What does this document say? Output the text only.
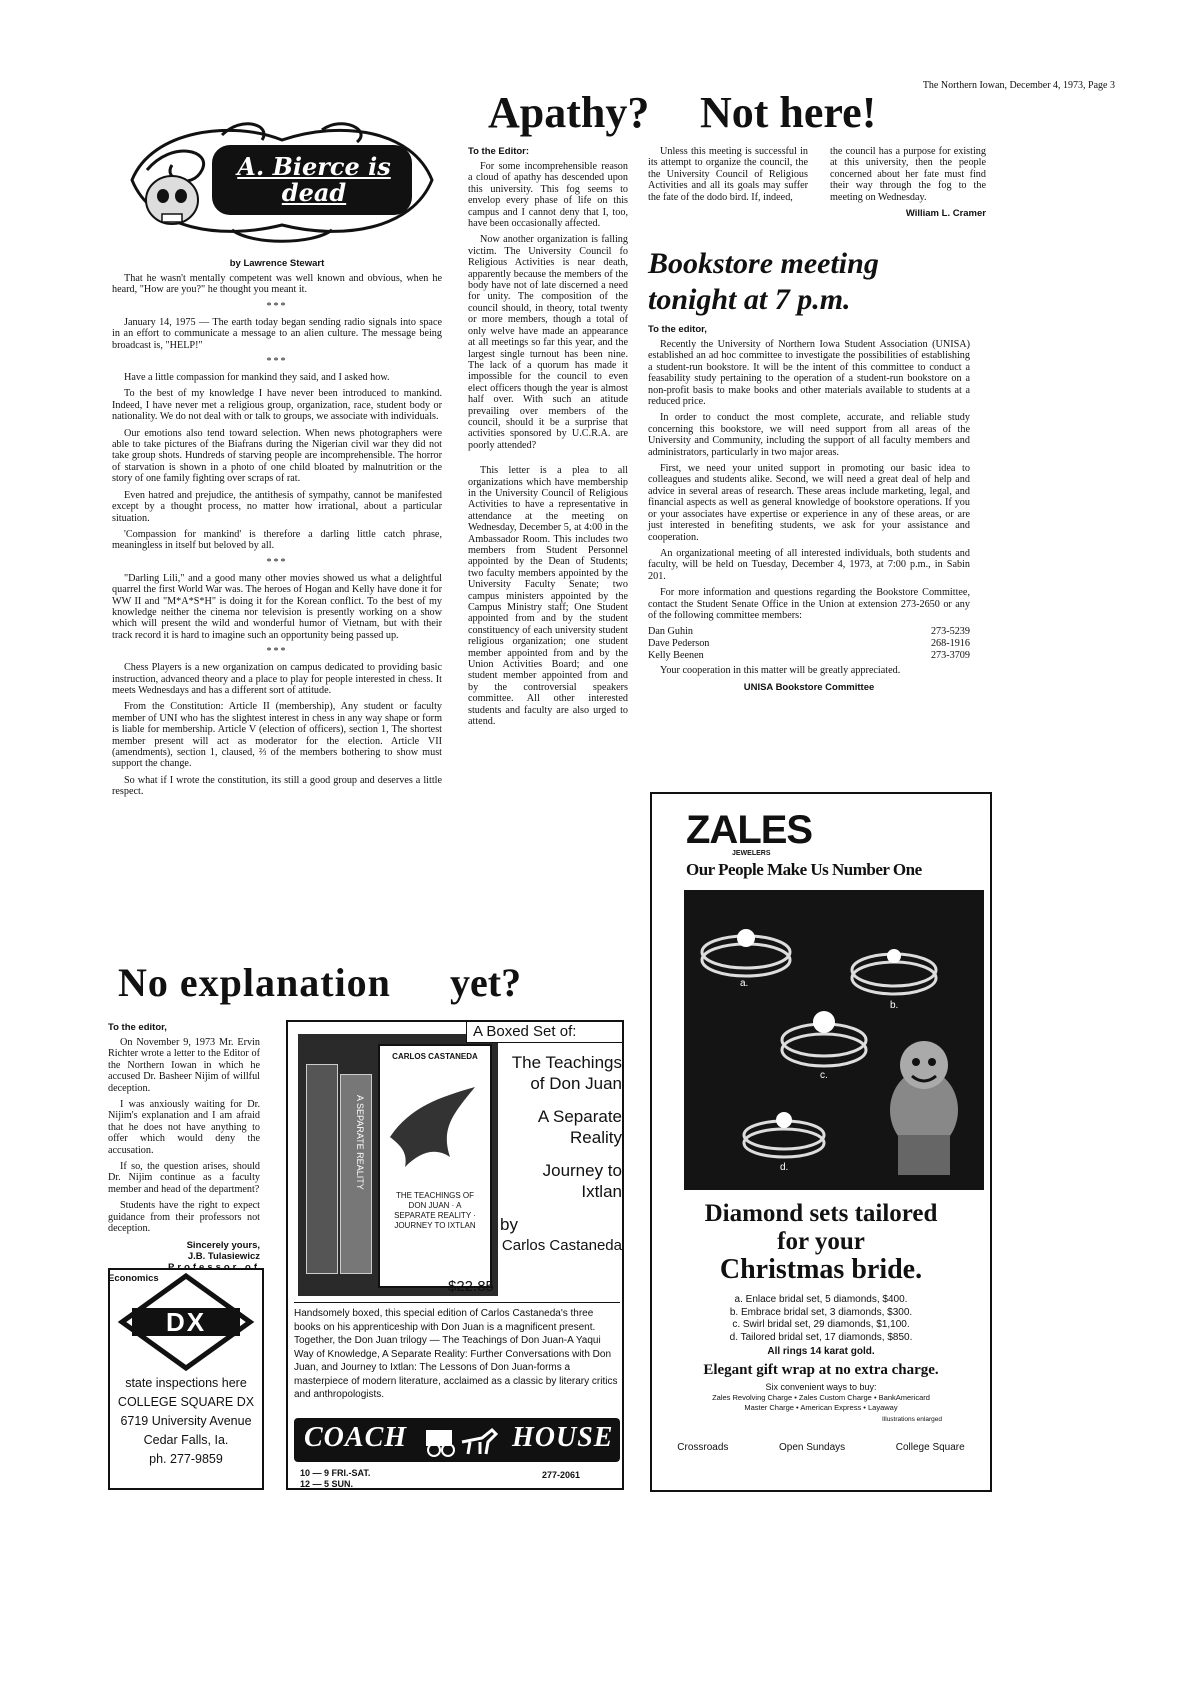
The Northern Iowan, December 4, 1973, Page 3
A. Bierce is dead
by Lawrence Stewart

That he wasn't mentally competent was well known and obvious, when he heard, "How are you?" he thought you meant it.

***

January 14, 1975 — The earth today began sending radio signals into space in an effort to communicate a message to an alien culture. The message being broadcast is, "HELP!"

***

Have a little compassion for mankind they said, and I asked how.

To the best of my knowledge I have never been introduced to mankind. Indeed, I have never met a religious group, organization, race, student body or nationality. We do not deal with or talk to groups, we associate with individuals.

Our emotions also tend toward selection. When news photographers were able to take pictures of the Biafrans during the Nigerian civil war they did not take group shots. Hundreds of starving people are incomprehensible. The horror of starvation is shown in a photo of one child bloated by malnutrition or the story of one family fighting over scraps of rat.

Even hatred and prejudice, the antithesis of sympathy, cannot be manifested except by a thought process, no matter how irrational, about a particular situation.

'Compassion for mankind' is therefore a darling little catch phrase, meaningless in itself but beloved by all.

***

"Darling Lili," and a good many other movies showed us what a delightful quarrel the first World War was. The heroes of Hogan and Kelly have done it for WW II and "M*A*S*H" is doing it for the Korean conflict. To the best of my knowledge neither the cinema nor television is presently working on a show which will present the wild and wonderful humor of Vietnam, but with their track record it is hard to imagine such an opportunity being passed up.

***

Chess Players is a new organization on campus dedicated to providing basic instruction, advanced theory and a place to play for people interested in chess. It meets Wednesdays and has a different sort of attitude.

From the Constitution: Article II (membership), Any student or faculty member of UNI who has the slightest interest in chess in any way shape or form is liable for membership. Article V (election of officers), section 1, The shortest member present will act as moderator for the election. Article VII (amendments), section 1, claused, ⅔ of the members bothering to show must support the change.

So what if I wrote the constitution, its still a good group and deserves a little respect.

Apathy? Not here!
To the Editor:

For some incomprehensible reason a cloud of apathy has descended upon this university. This fog seems to envelop every phase of life on this campus and I cannot deny that I, too, have been occasionally affected.

Now another organization is falling victim. The University Council fo Religious Activities is near death, apparently because the members of the body have not of late discerned a need for unity. The composition of the council should, in theory, total twenty or more members, though a total of only welve have made an appearance at all meetings so far this year, and the largest single turnout has been nine. The lack of a quorum has made it impossible for the council to even elect officers though the year is almost half over. With such an atitude prevailing over members of the council, should it be a surprise that activities sponsored by U.C.R.A. are poorly attended?

This letter is a plea to all organizations which have membership in the University Council of Religious Activities to have a representative in attendance at the meeting on Wednesday, December 5, at 4:00 in the Ambassador Room. This includes two members from Student Personnel appointed by the Dean of Students; two faculty members appointed by the University Faculty Senate; two campus ministers appointed by the Campus Ministry staff; One Student appointed from and by the student constituency of each university student religious organization; one student member appointed from and by the Union Activities Board; and one student member appointed from and by the controversial speakers committee. All other interested students and faculty are also urged to attend.

Unless this meeting is successful in its attempt to organize the council, the the University Council of Religious Activities and all its goals may suffer the fate of the dodo bird. If, indeed,

the council has a purpose for existing at this university, then the people concerned about her fate must find their way through the fog to the meeting on Wednesday.

William L. Cramer
Bookstore meeting
tonight at 7 p.m.
To the editor,

Recently the University of Northern Iowa Student Association (UNISA) established an ad hoc committee to investigate the possibilities of establishing a student-run bookstore. It will be the intent of this committee to conduct a feasability study pertaining to the operation of a student-run bookstore on a non-profit basis to make books and other materials available to students at a reduced price.

In order to conduct the most complete, accurate, and reliable study concerning this bookstore, we will need support from all areas of the University and Community, including the support of all faculty members and administrators, particularly in two major areas.

First, we need your united support in promoting our basic idea to colleagues and students alike. Second, we will need a great deal of help and advice in several areas of research. These areas include marketing, legal, and financial aspects as well as general knowledge of bookstore operations. If you or your associates have expertise or experience in any of these areas, or are just interested in benefiting students, we ask for your assistance and cooperation.

An organizational meeting of all interested individuals, both students and faculty, will be held on Tuesday, December 4, 1973, at 7:00 p.m., in Sabin 201.

For more information and questions regarding the Bookstore Committee, contact the Student Senate Office in the Union at extension 273-2650 or any of the following committee members:

Dan Guhin	273-5239
Dave Pederson	268-1916
Kelly Beenen	273-3709

Your cooperation in this matter will be greatly appreciated.

UNISA Bookstore Committee
No explanation yet?
To the editor,

On November 9, 1973 Mr. Ervin Richter wrote a letter to the Editor of the Northern Iowan in which he accused Dr. Basheer Nijim of willful deception.

I was anxiously waiting for Dr. Nijim's explanation and I am afraid that he does not have anything to offer which would deny the accusation.

If so, the question arises, should Dr. Nijim continue as a faculty member and head of the department?

Students have the right to expect guidance from their professors not deception.

Sincerely yours,
J.B. Tulasiewicz
Professor of
Economics
DX
state inspections here
COLLEGE SQUARE DX
6719 University Avenue
Cedar Falls, Ia.
ph. 277-9859
A SEPARATE REALITY
CARLOS CASTANEDA
THE TEACHINGS OF DON JUAN · A SEPARATE REALITY · JOURNEY TO IXTLAN
A Boxed Set of:
The Teachings of Don Juan
A Separate Reality
Journey to Ixtlan
by
Carlos Castaneda
$22.85
Handsomely boxed, this special edition of Carlos Castaneda's three books on his apprenticeship with Don Juan is a magnificent present. Together, the Don Juan trilogy — The Teachings of Don Juan-A Yaqui Way of Knowledge, A Separate Reality: Further Conversations with Don Juan, and Journey to Ixtlan: The Lessons of Don Juan-forms a masterpiece of modern literature, acclaimed as a classic by literary critics and anthropologists.
COACH	HOUSE
10 — 9 FRI.-SAT.
12 — 5 SUN.
277-2061
ZALES
JEWELERS
Our People Make Us Number One
a.
b.
c.
d.
Diamond sets tailored
for your
Christmas bride.
a. Enlace bridal set, 5 diamonds, $400.
b. Embrace bridal set, 3 diamonds, $300.
c. Swirl bridal set, 29 diamonds, $1,100.
d. Tailored bridal set, 17 diamonds, $850.
All rings 14 karat gold.
Elegant gift wrap at no extra charge.
Six convenient ways to buy:
Zales Revolving Charge • Zales Custom Charge • BankAmericard
Master Charge • American Express • Layaway
Illustrations enlarged
Crossroads	Open Sundays	College Square
